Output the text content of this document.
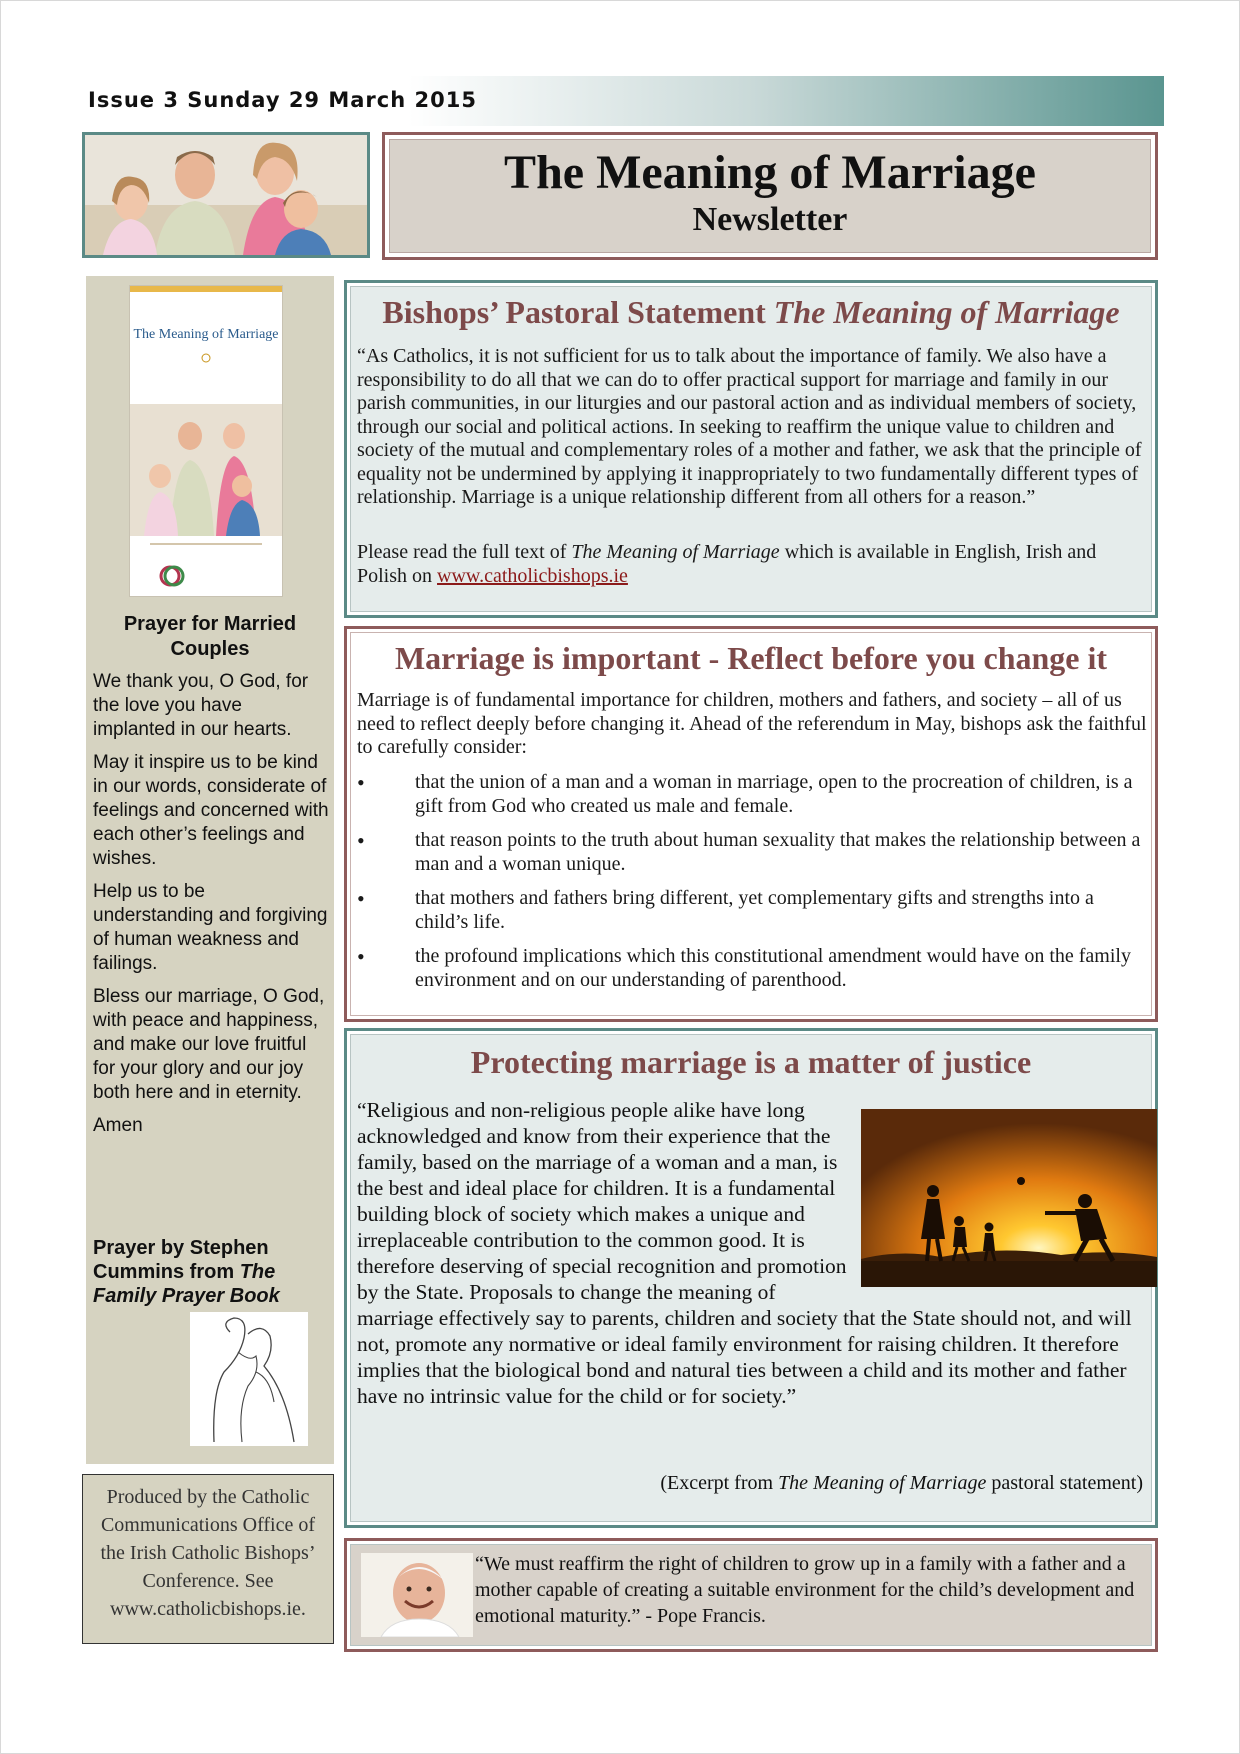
Issue 3 Sunday 29 March 2015
The Meaning of Marriage
Newsletter
The Meaning of Marriage
Prayer for Married Couples

We thank you, O God, for the love you have implanted in our hearts.

May it inspire us to be kind in our words, considerate of feelings and concerned with each other’s feelings and wishes.

Help us to be understanding and forgiving of human weakness and failings.

Bless our marriage, O God, with peace and happiness, and make our love fruitful for your glory and our joy both here and in eternity.

Amen

Prayer by Stephen Cummins from The Family Prayer Book
Produced by the Catholic Communications Office of the Irish Catholic Bishops’ Conference. See www.catholicbishops.ie.
Bishops’ Pastoral Statement The Meaning of Marriage
“As Catholics, it is not sufficient for us to talk about the importance of family. We also have a responsibility to do all that we can do to offer practical support for marriage and family in our parish communities, in our liturgies and our pastoral action and as individual members of society, through our social and political actions. In seeking to reaffirm the unique value to children and society of the mutual and complementary roles of a mother and father, we ask that the principle of equality not be undermined by applying it inappropriately to two fundamentally different types of relationship. Marriage is a unique relationship different from all others for a reason.”
Please read the full text of The Meaning of Marriage which is available in English, Irish and Polish on www.catholicbishops.ie
Marriage is important - Reflect before you change it
Marriage is of fundamental importance for children, mothers and fathers, and society – all of us need to reflect deeply before changing it. Ahead of the referendum in May, bishops ask the faithful to carefully consider:
•	that the union of a man and a woman in marriage, open to the procreation of children, is a gift from God who created us male and female.
•	that reason points to the truth about human sexuality that makes the relationship between a man and a woman unique.
•	that mothers and fathers bring different, yet complementary gifts and strengths into a child’s life.
•	the profound implications which this constitutional amendment would have on the family environment and on our understanding of parenthood.
Protecting marriage is a matter of justice
“Religious and non-religious people alike have long acknowledged and know from their experience that the family, based on the marriage of a woman and a man, is the best and ideal place for children. It is a fundamental building block of society which makes a unique and irreplaceable contribution to the common good. It is therefore deserving of special recognition and promotion by the State. Proposals to change the meaning of marriage effectively say to parents, children and society that the State should not, and will not, promote any normative or ideal family environment for raising children. It therefore implies that the biological bond and natural ties between a child and its mother and father have no intrinsic value for the child or for society.”
(Excerpt from The Meaning of Marriage pastoral statement)
“We must reaffirm the right of children to grow up in a family with a father and a mother capable of creating a suitable environment for the child’s development and emotional maturity.” - Pope Francis.
